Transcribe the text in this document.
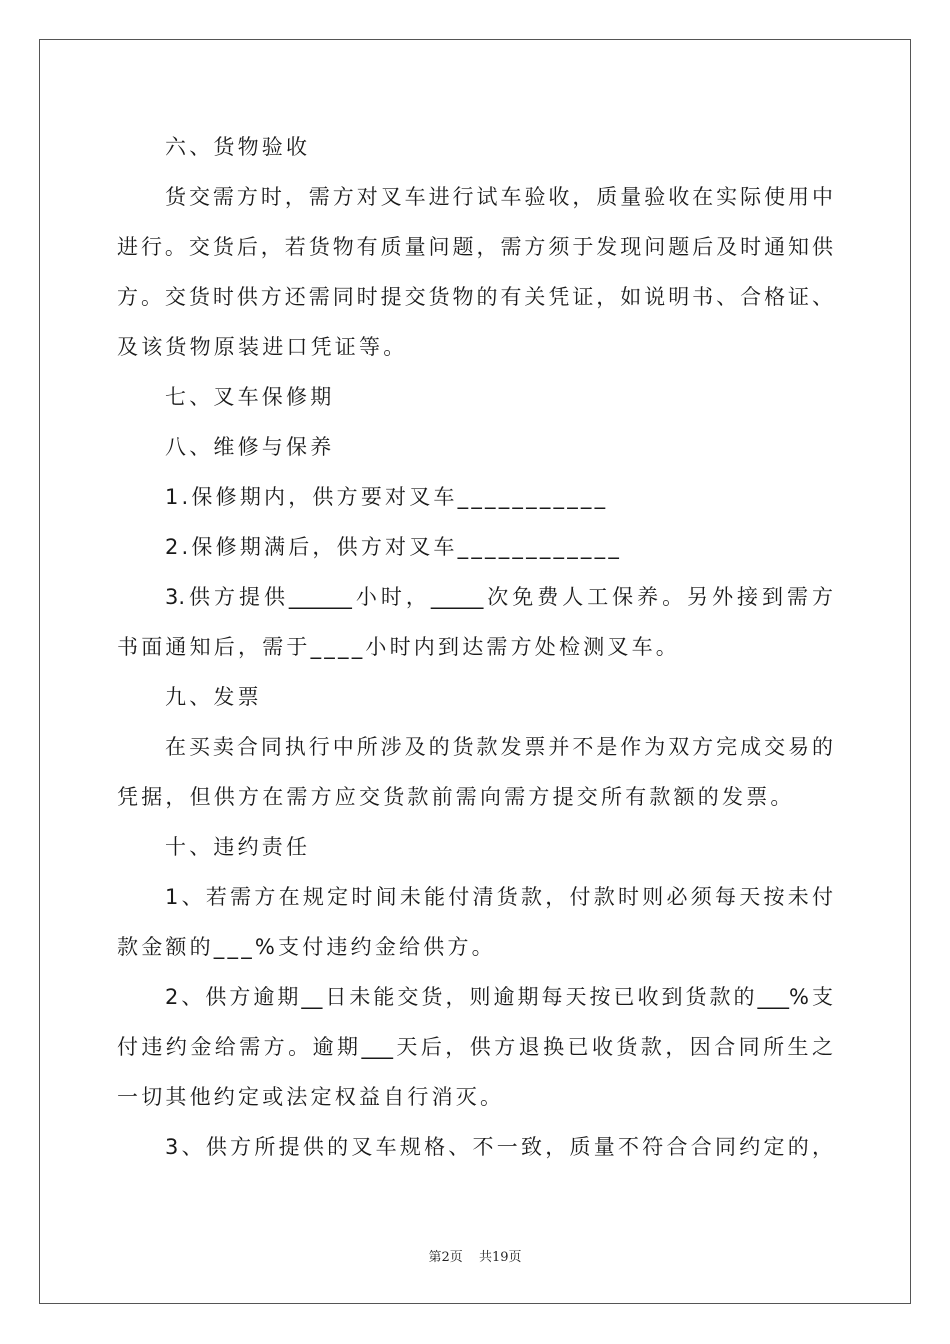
六、货物验收
货交需方时，需方对叉车进行试车验收，质量验收在实际使用中
进行。交货后，若货物有质量问题，需方须于发现问题后及时通知供
方。交货时供方还需同时提交货物的有关凭证，如说明书、合格证、
及该货物原装进口凭证等。
七、叉车保修期
八、维修与保养
1.保修期内，供方要对叉车___________
2.保修期满后，供方对叉车____________
3.供方提供______小时，_____次免费人工保养。另外接到需方
书面通知后，需于____小时内到达需方处检测叉车。
九、发票
在买卖合同执行中所涉及的货款发票并不是作为双方完成交易的
凭据，但供方在需方应交货款前需向需方提交所有款额的发票。
十、违约责任
1、若需方在规定时间未能付清货款，付款时则必须每天按未付
款金额的___%支付违约金给供方。
2、供方逾期__日未能交货，则逾期每天按已收到货款的___%支
付违约金给需方。逾期___天后，供方退换已收货款，因合同所生之
一切其他约定或法定权益自行消灭。
3、供方所提供的叉车规格、不一致，质量不符合合同约定的，
第2页 共19页
